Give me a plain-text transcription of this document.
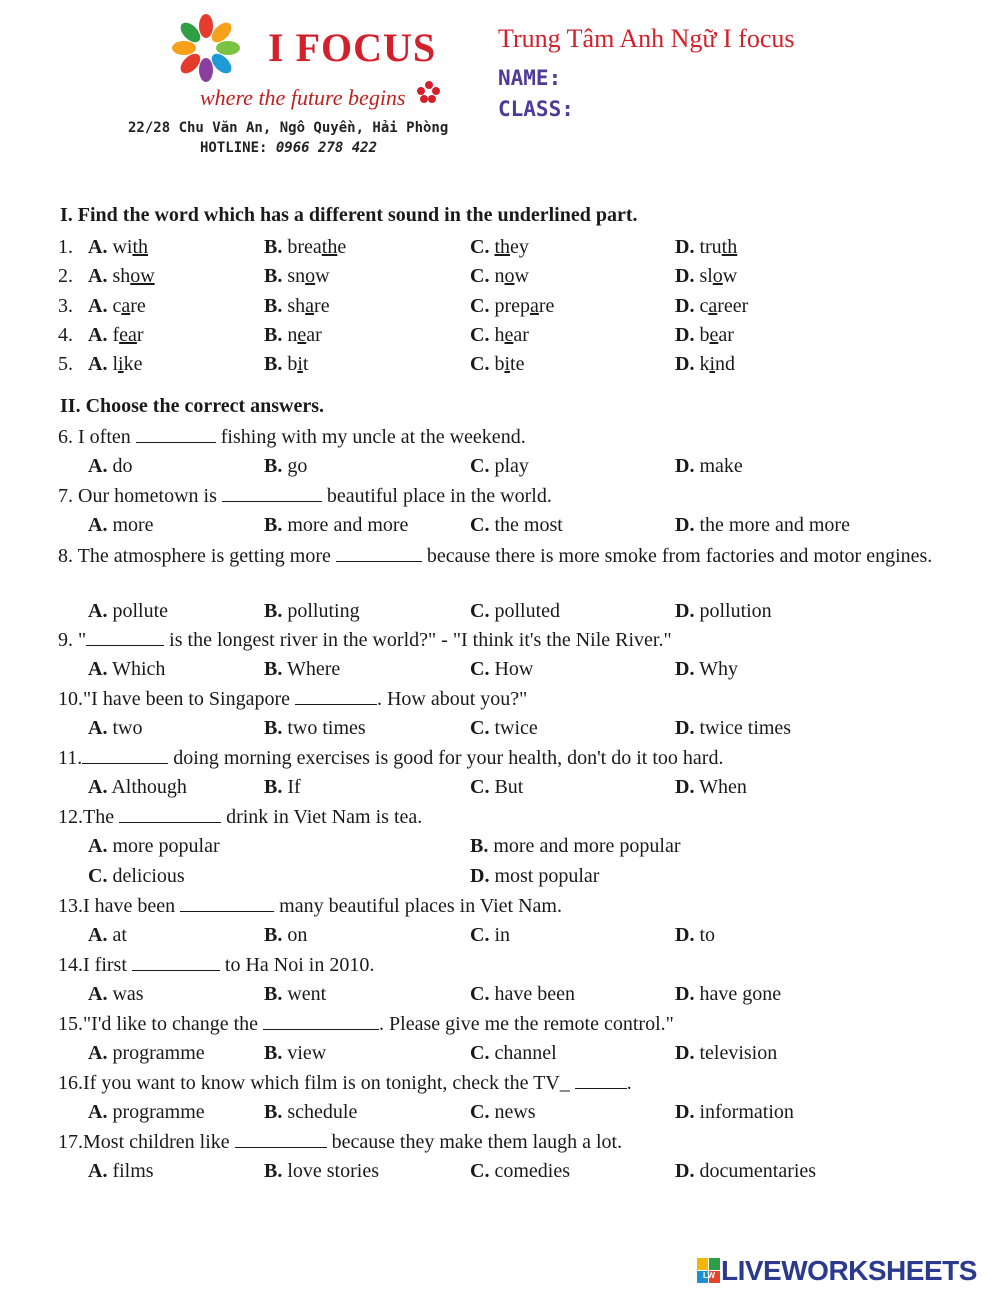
I FOCUS
where the future begins
22/28 Chu Văn An, Ngô Quyền, Hải Phòng
HOTLINE: 0966 278 422
Trung Tâm Anh Ngữ I focus
NAME:
CLASS:
I. Find the word which has a different sound in the underlined part.
1. A. with	B. breathe	C. they	D. truth
2. A. show	B. snow	C. now	D. slow
3. A. care	B. share	C. prepare	D. career
4. A. fear	B. near	C. hear	D. bear
5. A. like	B. bit	C. bite	D. kind
II. Choose the correct answers.
6. I often	fishing with my uncle at the weekend.
A. do	B. go	C. play	D. make
7. Our hometown is	beautiful place in the world.
A. more	B. more and more	C. the most	D. the more and more
8. The atmosphere is getting more	because there is more smoke from factories and motor engines.
A. pollute	B. polluting	C. polluted	D. pollution
9. "	is the longest river in the world?" - "I think it's the Nile River."
A. Which	B. Where	C. How	D. Why
10."I have been to Singapore	. How about you?"
A. two	B. two times	C. twice	D. twice times
11.	doing morning exercises is good for your health, don't do it too hard.
A. Although	B. If	C. But	D. When
12.The	drink in Viet Nam is tea.
A. more popular	B. more and more popular
C. delicious	D. most popular
13.I have been	many beautiful places in Viet Nam.
A. at	B. on	C. in	D. to
14.I first	to Ha Noi in 2010.
A. was	B. went	C. have been	D. have gone
15."I'd like to change the	. Please give me the remote control."
A. programme	B. view	C. channel	D. television
16.If you want to know which film is on tonight, check the TV_	.
A. programme	B. schedule	C. news	D. information
17.Most children like	because they make them laugh a lot.
A. films	B. love stories	C. comedies	D. documentaries
LW LIVEWORKSHEETS
